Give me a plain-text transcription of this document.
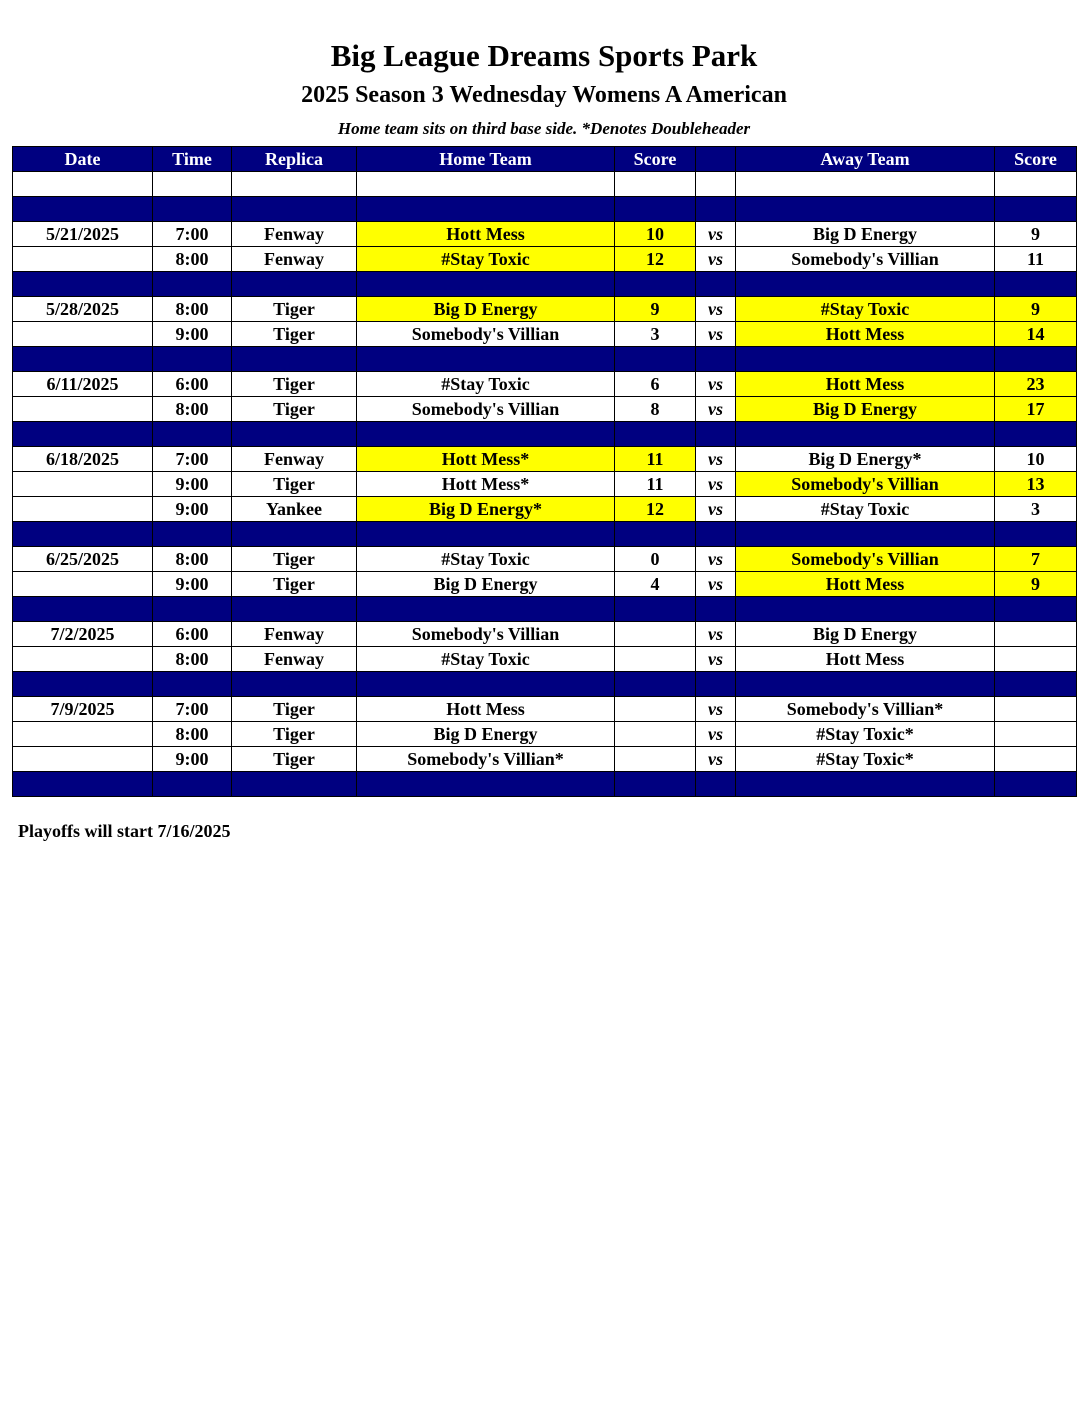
Big League Dreams Sports Park
2025 Season 3 Wednesday Womens A American
Home team sits on third base side. *Denotes Doubleheader
Date	Time	Replica	Home Team	Score		Away Team	Score

5/21/2025	7:00	Fenway	Hott Mess	10	vs	Big D Energy	9
	8:00	Fenway	#Stay Toxic	12	vs	Somebody's Villian	11

5/28/2025	8:00	Tiger	Big D Energy	9	vs	#Stay Toxic	9
	9:00	Tiger	Somebody's Villian	3	vs	Hott Mess	14

6/11/2025	6:00	Tiger	#Stay Toxic	6	vs	Hott Mess	23
	8:00	Tiger	Somebody's Villian	8	vs	Big D Energy	17

6/18/2025	7:00	Fenway	Hott Mess*	11	vs	Big D Energy*	10
	9:00	Tiger	Hott Mess*	11	vs	Somebody's Villian	13
	9:00	Yankee	Big D Energy*	12	vs	#Stay Toxic	3

6/25/2025	8:00	Tiger	#Stay Toxic	0	vs	Somebody's Villian	7
	9:00	Tiger	Big D Energy	4	vs	Hott Mess	9

7/2/2025	6:00	Fenway	Somebody's Villian		vs	Big D Energy	
	8:00	Fenway	#Stay Toxic		vs	Hott Mess	

7/9/2025	7:00	Tiger	Hott Mess		vs	Somebody's Villian*	
	8:00	Tiger	Big D Energy		vs	#Stay Toxic*	
	9:00	Tiger	Somebody's Villian*		vs	#Stay Toxic*	

Playoffs will start 7/16/2025
